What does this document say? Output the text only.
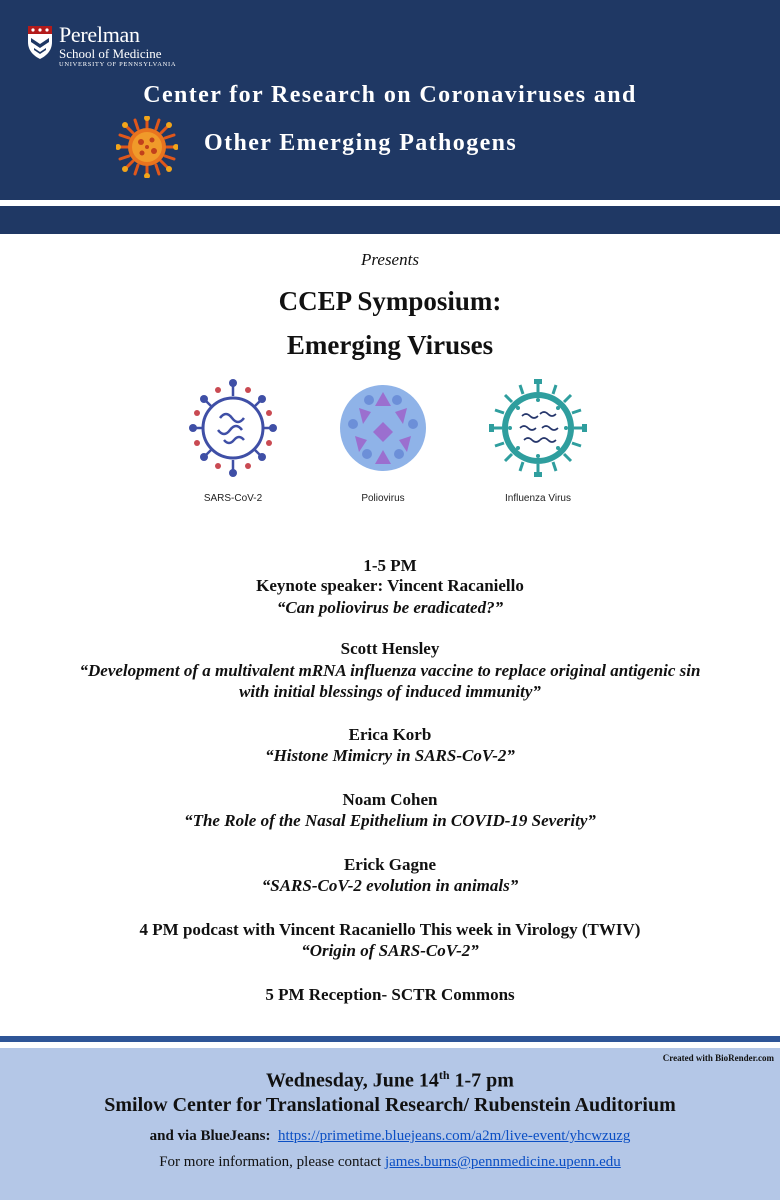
Perelman
School of Medicine
UNIVERSITY OF PENNSYLVANIA
Center for Research on Coronaviruses and
Other Emerging Pathogens
Presents
CCEP Symposium:
Emerging Viruses
SARS-CoV-2	Poliovirus	Influenza Virus
1-5 PM
Keynote speaker: Vincent Racaniello
“Can poliovirus be eradicated?”
Scott Hensley
“Development of a multivalent mRNA influenza vaccine to replace original antigenic sin
with initial blessings of induced immunity”
Erica Korb
“Histone Mimicry in SARS-CoV-2”
Noam Cohen
“The Role of the Nasal Epithelium in COVID-19 Severity”
Erick Gagne
“SARS-CoV-2 evolution in animals”
4 PM podcast with Vincent Racaniello This week in Virology (TWIV)
“Origin of SARS-CoV-2”
5 PM Reception- SCTR Commons
Created with BioRender.com
Wednesday, June 14th 1-7 pm
Smilow Center for Translational Research/ Rubenstein Auditorium
and via BlueJeans: https://primetime.bluejeans.com/a2m/live-event/yhcwzuzg
For more information, please contact james.burns@pennmedicine.upenn.edu
